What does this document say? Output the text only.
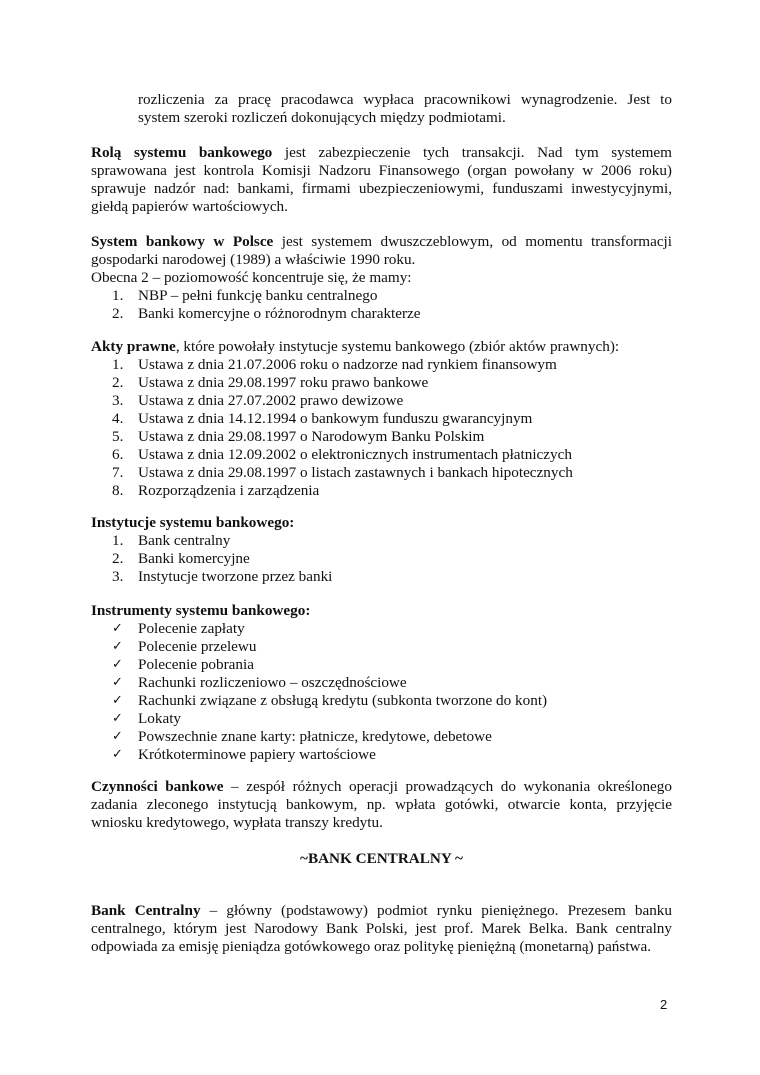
rozliczenia za pracę pracodawca wypłaca pracownikowi wynagrodzenie. Jest to
system szeroki rozliczeń dokonujących między podmiotami.
Rolą systemu bankowego jest zabezpieczenie tych transakcji. Nad tym systemem
sprawowana jest kontrola Komisji Nadzoru Finansowego (organ powołany w 2006 roku)
sprawuje nadzór nad: bankami, firmami ubezpieczeniowymi, funduszami inwestycyjnymi,
giełdą papierów wartościowych.
System bankowy w Polsce jest systemem dwuszczeblowym, od momentu transformacji
gospodarki narodowej (1989) a właściwie 1990 roku.
Obecna 2 – poziomowość koncentruje się, że mamy:
1. NBP – pełni funkcję banku centralnego
2. Banki komercyjne o różnorodnym charakterze
Akty prawne, które powołały instytucje systemu bankowego (zbiór aktów prawnych):
1. Ustawa z dnia 21.07.2006 roku o nadzorze nad rynkiem finansowym
2. Ustawa z dnia 29.08.1997 roku prawo bankowe
3. Ustawa z dnia 27.07.2002 prawo dewizowe
4. Ustawa z dnia 14.12.1994 o bankowym funduszu gwarancyjnym
5. Ustawa z dnia 29.08.1997 o Narodowym Banku Polskim
6. Ustawa z dnia 12.09.2002 o elektronicznych instrumentach płatniczych
7. Ustawa z dnia 29.08.1997 o listach zastawnych i bankach hipotecznych
8. Rozporządzenia i zarządzenia
Instytucje systemu bankowego:
1. Bank centralny
2. Banki komercyjne
3. Instytucje tworzone przez banki
Instrumenty systemu bankowego:
✓ Polecenie zapłaty
✓ Polecenie przelewu
✓ Polecenie pobrania
✓ Rachunki rozliczeniowo – oszczędnościowe
✓ Rachunki związane z obsługą kredytu (subkonta tworzone do kont)
✓ Lokaty
✓ Powszechnie znane karty: płatnicze, kredytowe, debetowe
✓ Krótkoterminowe papiery wartościowe
Czynności bankowe – zespół różnych operacji prowadzących do wykonania określonego
zadania zleconego instytucją bankowym, np. wpłata gotówki, otwarcie konta, przyjęcie
wniosku kredytowego, wypłata transzy kredytu.
~BANK CENTRALNY ~
Bank Centralny – główny (podstawowy) podmiot rynku pieniężnego. Prezesem banku
centralnego, którym jest Narodowy Bank Polski, jest prof. Marek Belka. Bank centralny
odpowiada za emisję pieniądza gotówkowego oraz politykę pieniężną (monetarną) państwa.
2
